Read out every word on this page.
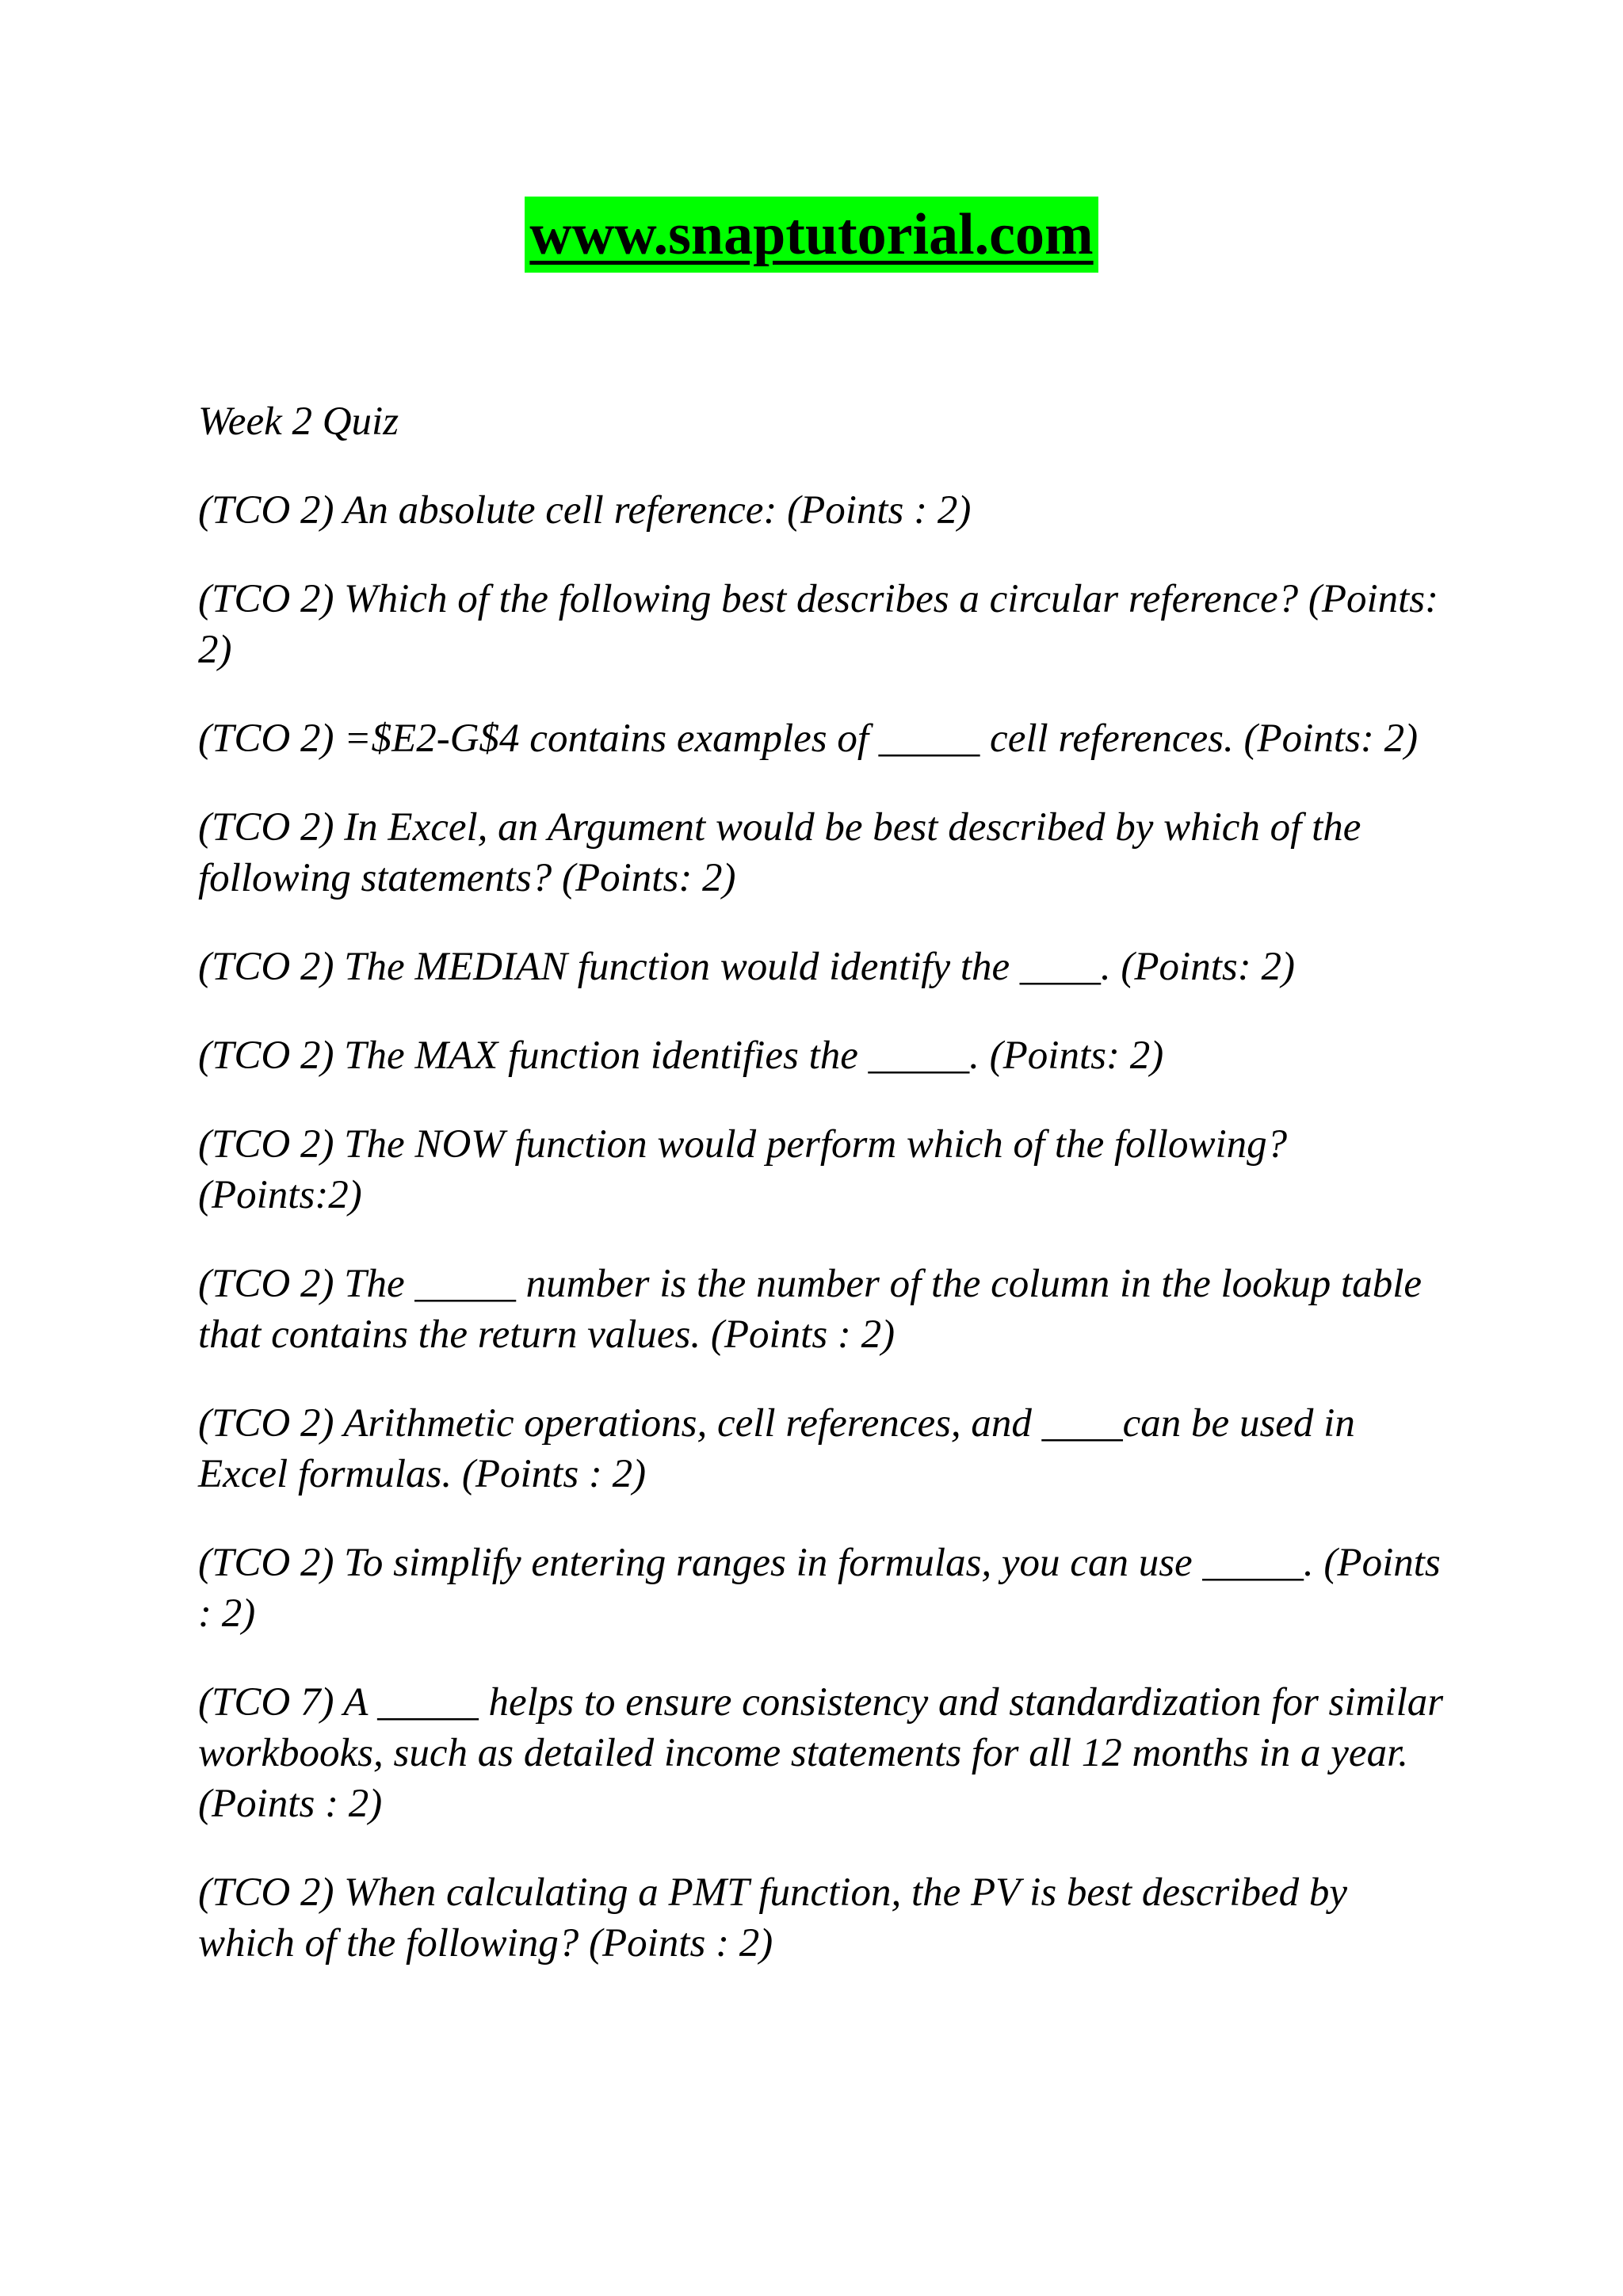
www.snaptutorial.com

Week 2 Quiz

(TCO 2) An absolute cell reference: (Points : 2)

(TCO 2) Which of the following best describes a circular reference? (Points: 2)

(TCO 2) =$E2-G$4 contains examples of _____ cell references. (Points: 2)

(TCO 2) In Excel, an Argument would be best described by which of the following statements? (Points: 2)

(TCO 2) The MEDIAN function would identify the ____. (Points: 2)

(TCO 2) The MAX function identifies the _____. (Points: 2)

(TCO 2) The NOW function would perform which of the following? (Points:2)

(TCO 2) The _____ number is the number of the column in the lookup table that contains the return values. (Points : 2)

(TCO 2) Arithmetic operations, cell references, and ____can be used in Excel formulas. (Points : 2)

(TCO 2) To simplify entering ranges in formulas, you can use _____. (Points : 2)

(TCO 7) A _____ helps to ensure consistency and standardization for similar workbooks, such as detailed income statements for all 12 months in a year. (Points : 2)

(TCO 2) When calculating a PMT function, the PV is best described by which of the following? (Points : 2)
